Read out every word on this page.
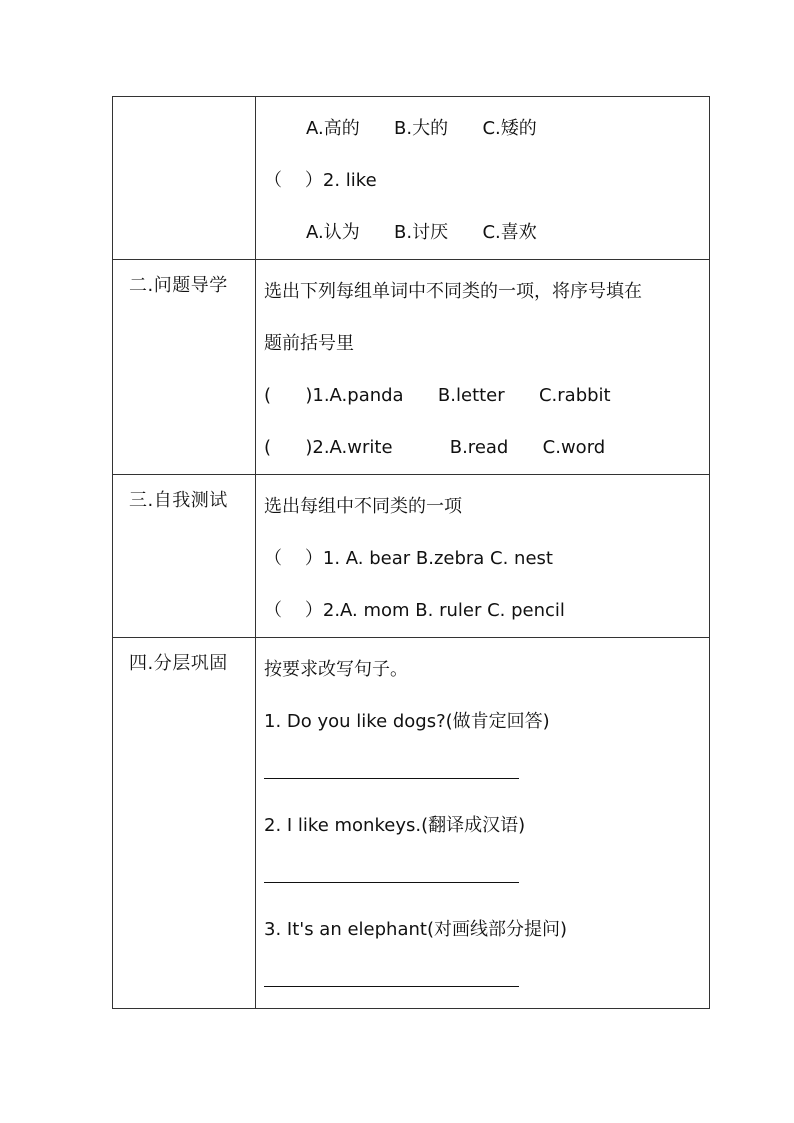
	A.高的      B.大的      C.矮的
（    ）2. like
A.认为      B.讨厌      C.喜欢

二.问题导学	选出下列每组单词中不同类的一项，将序号填在
题前括号里
(      )1.A.panda      B.letter      C.rabbit
(      )2.A.write          B.read      C.word

三.自我测试	选出每组中不同类的一项
（    ）1. A. bear B.zebra C. nest
（    ）2.A. mom B. ruler C. pencil

四.分层巩固	按要求改写句子。
1. Do you like dogs?(做肯定回答)
2. I like monkeys.(翻译成汉语)
3. It's an elephant(对画线部分提问)
